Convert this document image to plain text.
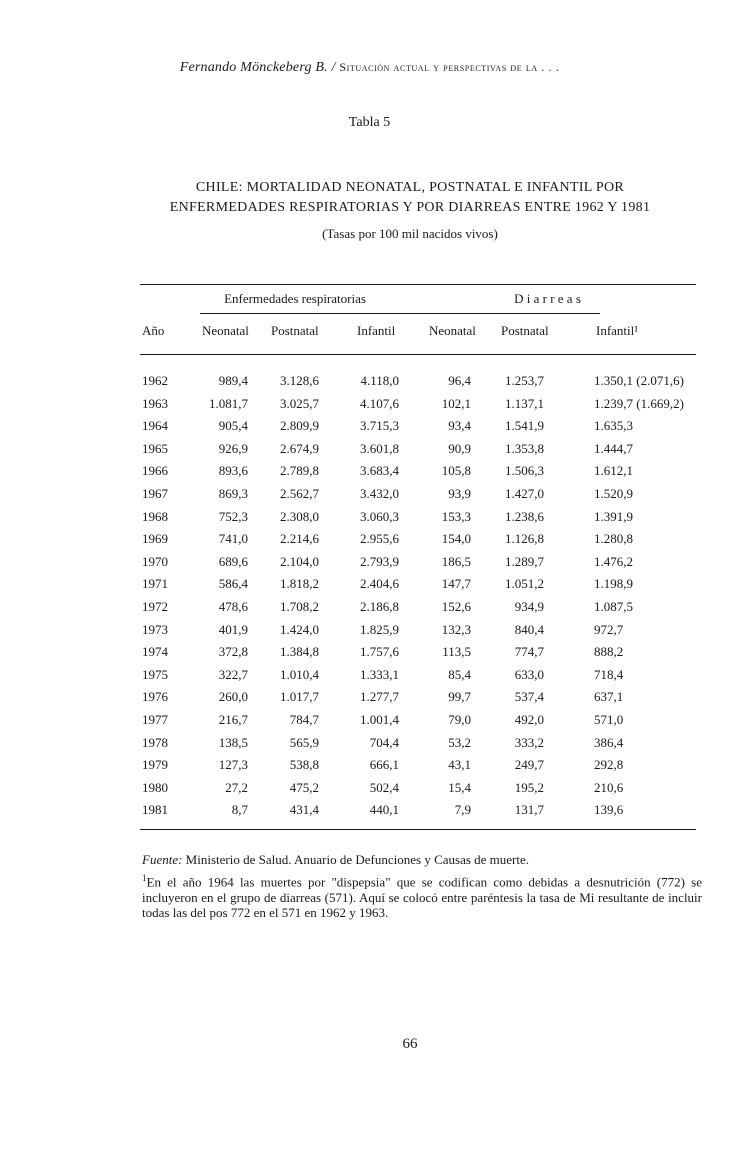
Fernando Mönckeberg B. / Situación actual y perspectivas de la . . .
Tabla 5
CHILE: MORTALIDAD NEONATAL, POSTNATAL E INFANTIL POR
ENFERMEDADES RESPIRATORIAS Y POR DIARREAS ENTRE 1962 Y 1981
(Tasas por 100 mil nacidos vivos)
Enfermedades respiratorias	D i a r r e a s
Año	Neonatal Postnatal	Infantil	Neonatal Postnatal	Infantil¹
1962	989,4 3.128,6	4.118,0	96,4	1.253,7	1.350,1 (2.071,6)
1963	1.081,7 3.025,7	4.107,6	102,1	1.137,1	1.239,7 (1.669,2)
1964	905,4 2.809,9	3.715,3	93,4	1.541,9	1.635,3
1965	926,9 2.674,9	3.601,8	90,9	1.353,8	1.444,7
1966	893,6 2.789,8	3.683,4	105,8	1.506,3	1.612,1
1967	869,3 2.562,7	3.432,0	93,9	1.427,0	1.520,9
1968	752,3 2.308,0	3.060,3	153,3	1.238,6	1.391,9
1969	741,0 2.214,6	2.955,6	154,0	1.126,8	1.280,8
1970	689,6 2.104,0	2.793,9	186,5	1.289,7	1.476,2
1971	586,4 1.818,2	2.404,6	147,7	1.051,2	1.198,9
1972	478,6 1.708,2	2.186,8	152,6	934,9	1.087,5
1973	401,9 1.424,0	1.825,9	132,3	840,4	972,7
1974	372,8 1.384,8	1.757,6	113,5	774,7	888,2
1975	322,7 1.010,4	1.333,1	85,4	633,0	718,4
1976	260,0 1.017,7	1.277,7	99,7	537,4	637,1
1977	216,7	784,7	1.001,4	79,0	492,0	571,0
1978	138,5	565,9	704,4	53,2	333,2	386,4
1979	127,3	538,8	666,1	43,1	249,7	292,8
1980	27,2	475,2	502,4	15,4	195,2	210,6
1981	8,7	431,4	440,1	7,9	131,7	139,6
Fuente: Ministerio de Salud. Anuario de Defunciones y Causas de muerte.
$^1$En el año 1964 las muertes por "dispepsia" que se codifican como debidas a desnutrición (772) se incluyeron en el grupo de diarreas (571). Aquí se colocó entre paréntesis la tasa de Mi resultante de incluir todas las del pos 772 en el 571 en 1962 y 1963.
66
